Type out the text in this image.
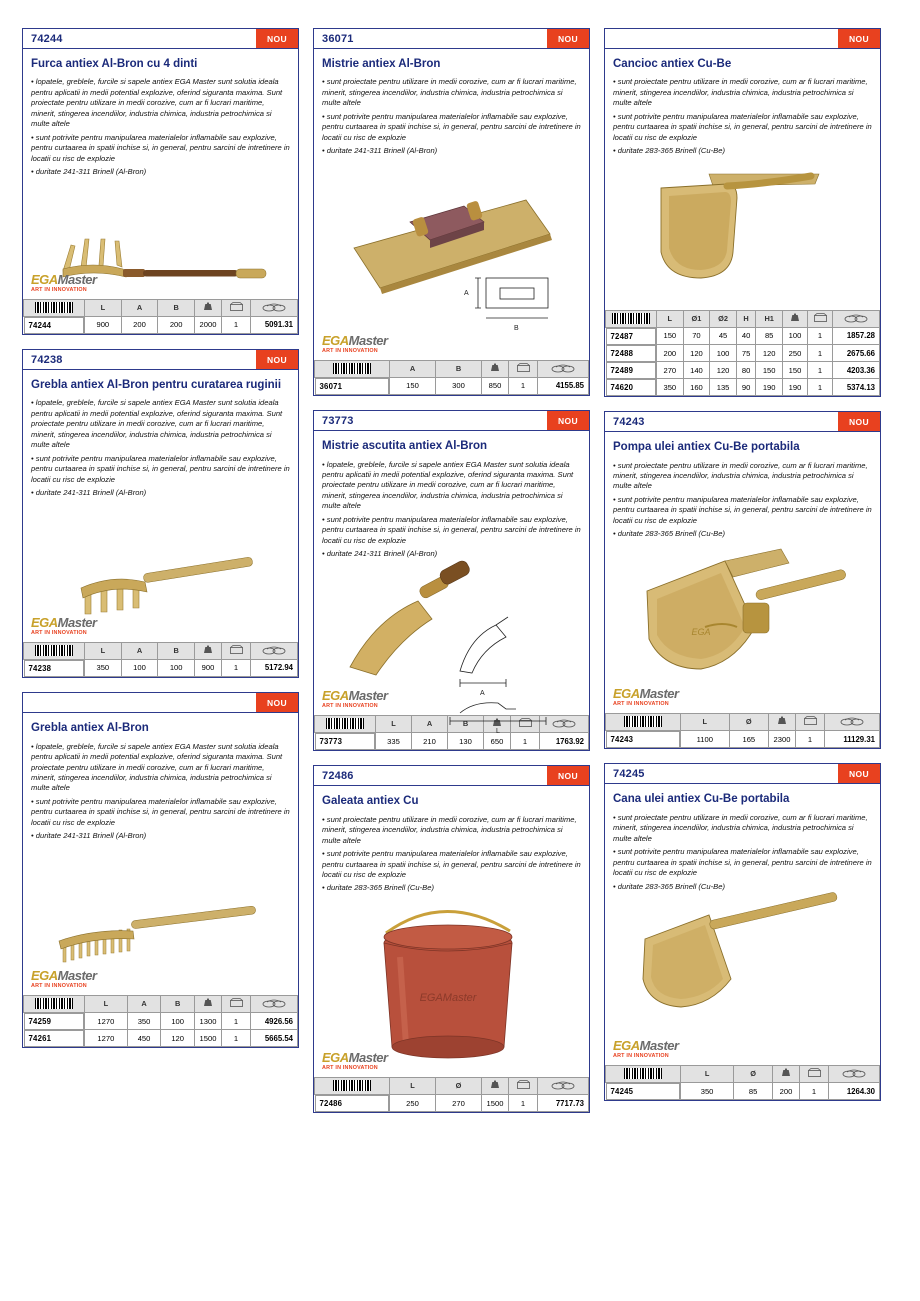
74244	NOU
Furca antiex Al-Bron cu 4 dinti
• lopatele, greblele, furcile si sapele antiex EGA Master sunt solutia ideala pentru aplicatii in medii potential explozive, oferind siguranta maxima. Sunt proiectate pentru utilizare in medii corozive, cum ar fi lucrari maritime, minerit, stingerea incendiilor, industria chimica, industria petrochimica si multe altele
• sunt potrivite pentru manipularea materialelor inflamabile sau explozive, pentru curtaarea in spatii inchise si, in general, pentru sarcini de intretinere in locatii cu risc de explozie
• duritate 241-311 Brinell (Al-Bron)
EGAMaster
ART IN INNOVATION
	L	A	B			

74244	900	200	200	2000	1	5091.31
74238	NOU
Grebla antiex Al-Bron pentru curatarea ruginii
• lopatele, greblele, furcile si sapele antiex EGA Master sunt solutia ideala pentru aplicatii in medii potential explozive, oferind siguranta maxima. Sunt proiectate pentru utilizare in medii corozive, cum ar fi lucrari maritime, minerit, stingerea incendiilor, industria chimica, industria petrochimica si multe altele
• sunt potrivite pentru manipularea materialelor inflamabile sau explozive, pentru curtaarea in spatii inchise si, in general, pentru sarcini de intretinere in locatii cu risc de explozie
• duritate 241-311 Brinell (Al-Bron)
EGAMaster
ART IN INNOVATION
	L	A	B			

74238	350	100	100	900	1	5172.94
NOU
Grebla antiex Al-Bron
• lopatele, greblele, furcile si sapele antiex EGA Master sunt solutia ideala pentru aplicatii in medii potential explozive, oferind siguranta maxima. Sunt proiectate pentru utilizare in medii corozive, cum ar fi lucrari maritime, minerit, stingerea incendiilor, industria chimica, industria petrochimica si multe altele
• sunt potrivite pentru manipularea materialelor inflamabile sau explozive, pentru curtaarea in spatii inchise si, in general, pentru sarcini de intretinere in locatii cu risc de explozie
• duritate 241-311 Brinell (Al-Bron)
EGAMaster
ART IN INNOVATION
	L	A	B			

74259	1270	350	100	1300	1	4926.56

74261	1270	450	120	1500	1	5665.54
36071	NOU
Mistrie antiex Al-Bron
• sunt proiectate pentru utilizare in medii corozive, cum ar fi lucrari maritime, minerit, stingerea incendiilor, industria chimica, industria petrochimica si multe altele
• sunt potrivite pentru manipularea materialelor inflamabile sau explozive, pentru curtaarea in spatii inchise si, in general, pentru sarcini de intretinere in locatii cu risc de explozie
• duritate 241-311 Brinell (Al-Bron)
A
B
EGAMaster
ART IN INNOVATION
	A	B			

36071	150	300	850	1	4155.85
73773	NOU
Mistrie ascutita antiex Al-Bron
• lopatele, greblele, furcile si sapele antiex EGA Master sunt solutia ideala pentru aplicatii in medii potential explozive, oferind siguranta maxima. Sunt proiectate pentru utilizare in medii corozive, cum ar fi lucrari maritime, minerit, stingerea incendiilor, industria chimica, industria petrochimica si multe altele
• sunt potrivite pentru manipularea materialelor inflamabile sau explozive, pentru curtaarea in spatii inchise si, in general, pentru sarcini de intretinere in locatii cu risc de explozie
• duritate 241-311 Brinell (Al-Bron)
A
L
EGAMaster
ART IN INNOVATION
	L	A	B			

73773	335	210	130	650	1	1763.92
72486	NOU
Galeata antiex Cu
• sunt proiectate pentru utilizare in medii corozive, cum ar fi lucrari maritime, minerit, stingerea incendiilor, industria chimica, industria petrochimica si multe altele
• sunt potrivite pentru manipularea materialelor inflamabile sau explozive, pentru curtaarea in spatii inchise si, in general, pentru sarcini de intretinere in locatii cu risc de explozie
• duritate 283-365 Brinell (Cu-Be)
EGAMaster
EGAMaster
ART IN INNOVATION
	L	Ø			

72486	250	270	1500	1	7717.73
NOU
Cancioc antiex Cu-Be
• sunt proiectate pentru utilizare in medii corozive, cum ar fi lucrari maritime, minerit, stingerea incendiilor, industria chimica, industria petrochimica si multe altele
• sunt potrivite pentru manipularea materialelor inflamabile sau explozive, pentru curtaarea in spatii inchise si, in general, pentru sarcini de intretinere in locatii cu risc de explozie
• duritate 283-365 Brinell (Cu-Be)
	L	Ø1	Ø2	H	H1			

72487	150	70	45	40	85	100	1	1857.28

72488	200	120	100	75	120	250	1	2675.66

72489	270	140	120	80	150	150	1	4203.36

74620	350	160	135	90	190	190	1	5374.13
74243	NOU
Pompa ulei antiex Cu-Be portabila
• sunt proiectate pentru utilizare in medii corozive, cum ar fi lucrari maritime, minerit, stingerea incendiilor, industria chimica, industria petrochimica si multe altele
• sunt potrivite pentru manipularea materialelor inflamabile sau explozive, pentru curtaarea in spatii inchise si, in general, pentru sarcini de intretinere in locatii cu risc de explozie
• duritate 283-365 Brinell (Cu-Be)
EGA
EGAMaster
ART IN INNOVATION
	L	Ø			

74243	1100	165	2300	1	11129.31
74245	NOU
Cana ulei antiex Cu-Be portabila
• sunt proiectate pentru utilizare in medii corozive, cum ar fi lucrari maritime, minerit, stingerea incendiilor, industria chimica, industria petrochimica si multe altele
• sunt potrivite pentru manipularea materialelor inflamabile sau explozive, pentru curtaarea in spatii inchise si, in general, pentru sarcini de intretinere in locatii cu risc de explozie
• duritate 283-365 Brinell (Cu-Be)
EGAMaster
ART IN INNOVATION
	L	Ø			

74245	350	85	200	1	1264.30
